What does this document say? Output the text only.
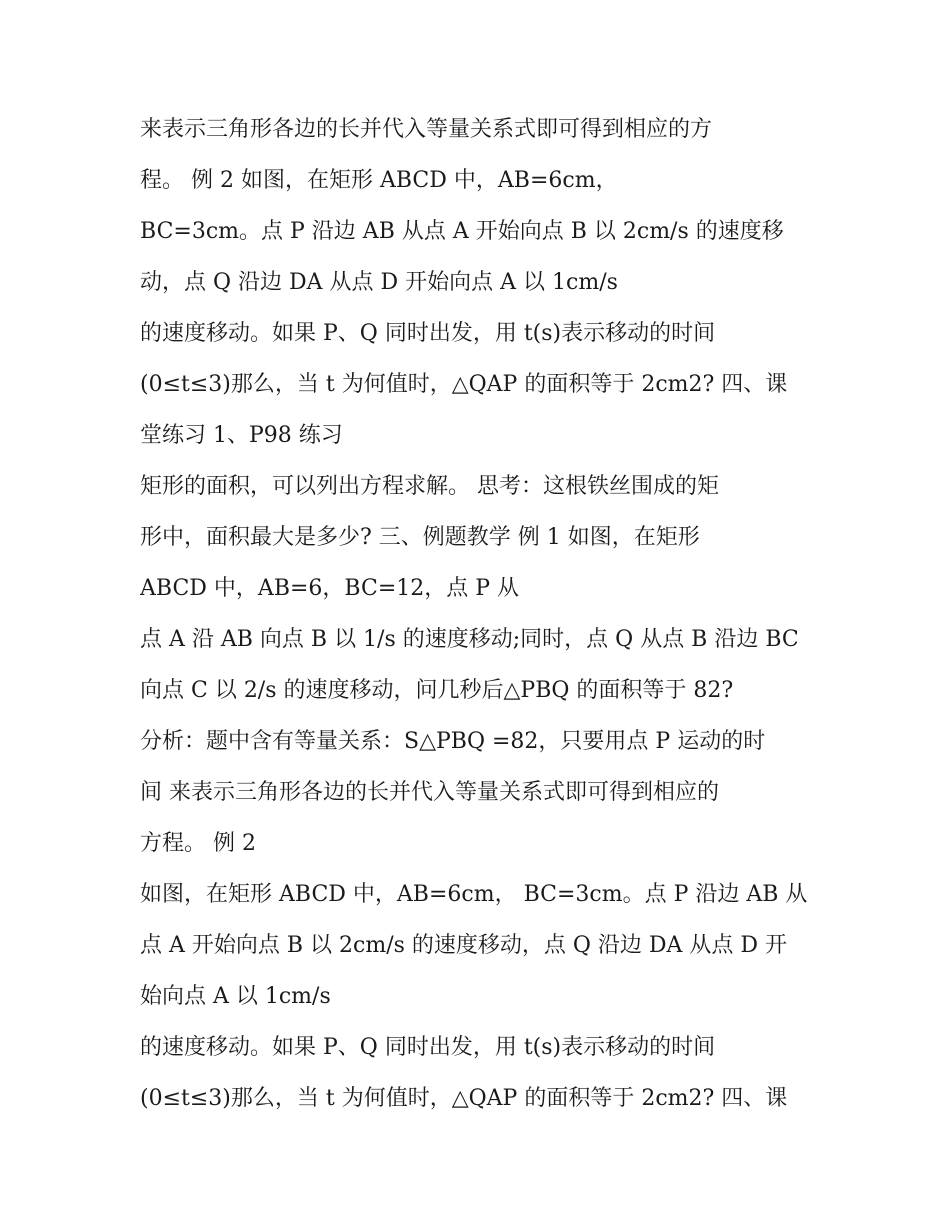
来表示三角形各边的长并代入等量关系式即可得到相应的方
程。 例 2 如图，在矩形 ABCD 中，AB=6cm，
BC=3cm。点 P 沿边 AB 从点 A 开始向点 B 以 2cm/s 的速度移
动，点 Q 沿边 DA 从点 D 开始向点 A 以 1cm/s
的速度移动。如果 P、Q 同时出发，用 t(s)表示移动的时间
(0≤t≤3)那么，当 t 为何值时，△QAP 的面积等于 2cm2? 四、课
堂练习 1、P98 练习
矩形的面积，可以列出方程求解。 思考：这根铁丝围成的矩
形中，面积最大是多少? 三、例题教学 例 1 如图，在矩形
ABCD 中，AB=6，BC=12，点 P 从
点 A 沿 AB 向点 B 以 1/s 的速度移动;同时，点 Q 从点 B 沿边 BC
向点 C 以 2/s 的速度移动，问几秒后△PBQ 的面积等于 82?
分析：题中含有等量关系：S△PBQ =82，只要用点 P 运动的时
间 来表示三角形各边的长并代入等量关系式即可得到相应的
方程。 例 2
如图，在矩形 ABCD 中，AB=6cm， BC=3cm。点 P 沿边 AB 从
点 A 开始向点 B 以 2cm/s 的速度移动，点 Q 沿边 DA 从点 D 开
始向点 A 以 1cm/s
的速度移动。如果 P、Q 同时出发，用 t(s)表示移动的时间
(0≤t≤3)那么，当 t 为何值时，△QAP 的面积等于 2cm2? 四、课
